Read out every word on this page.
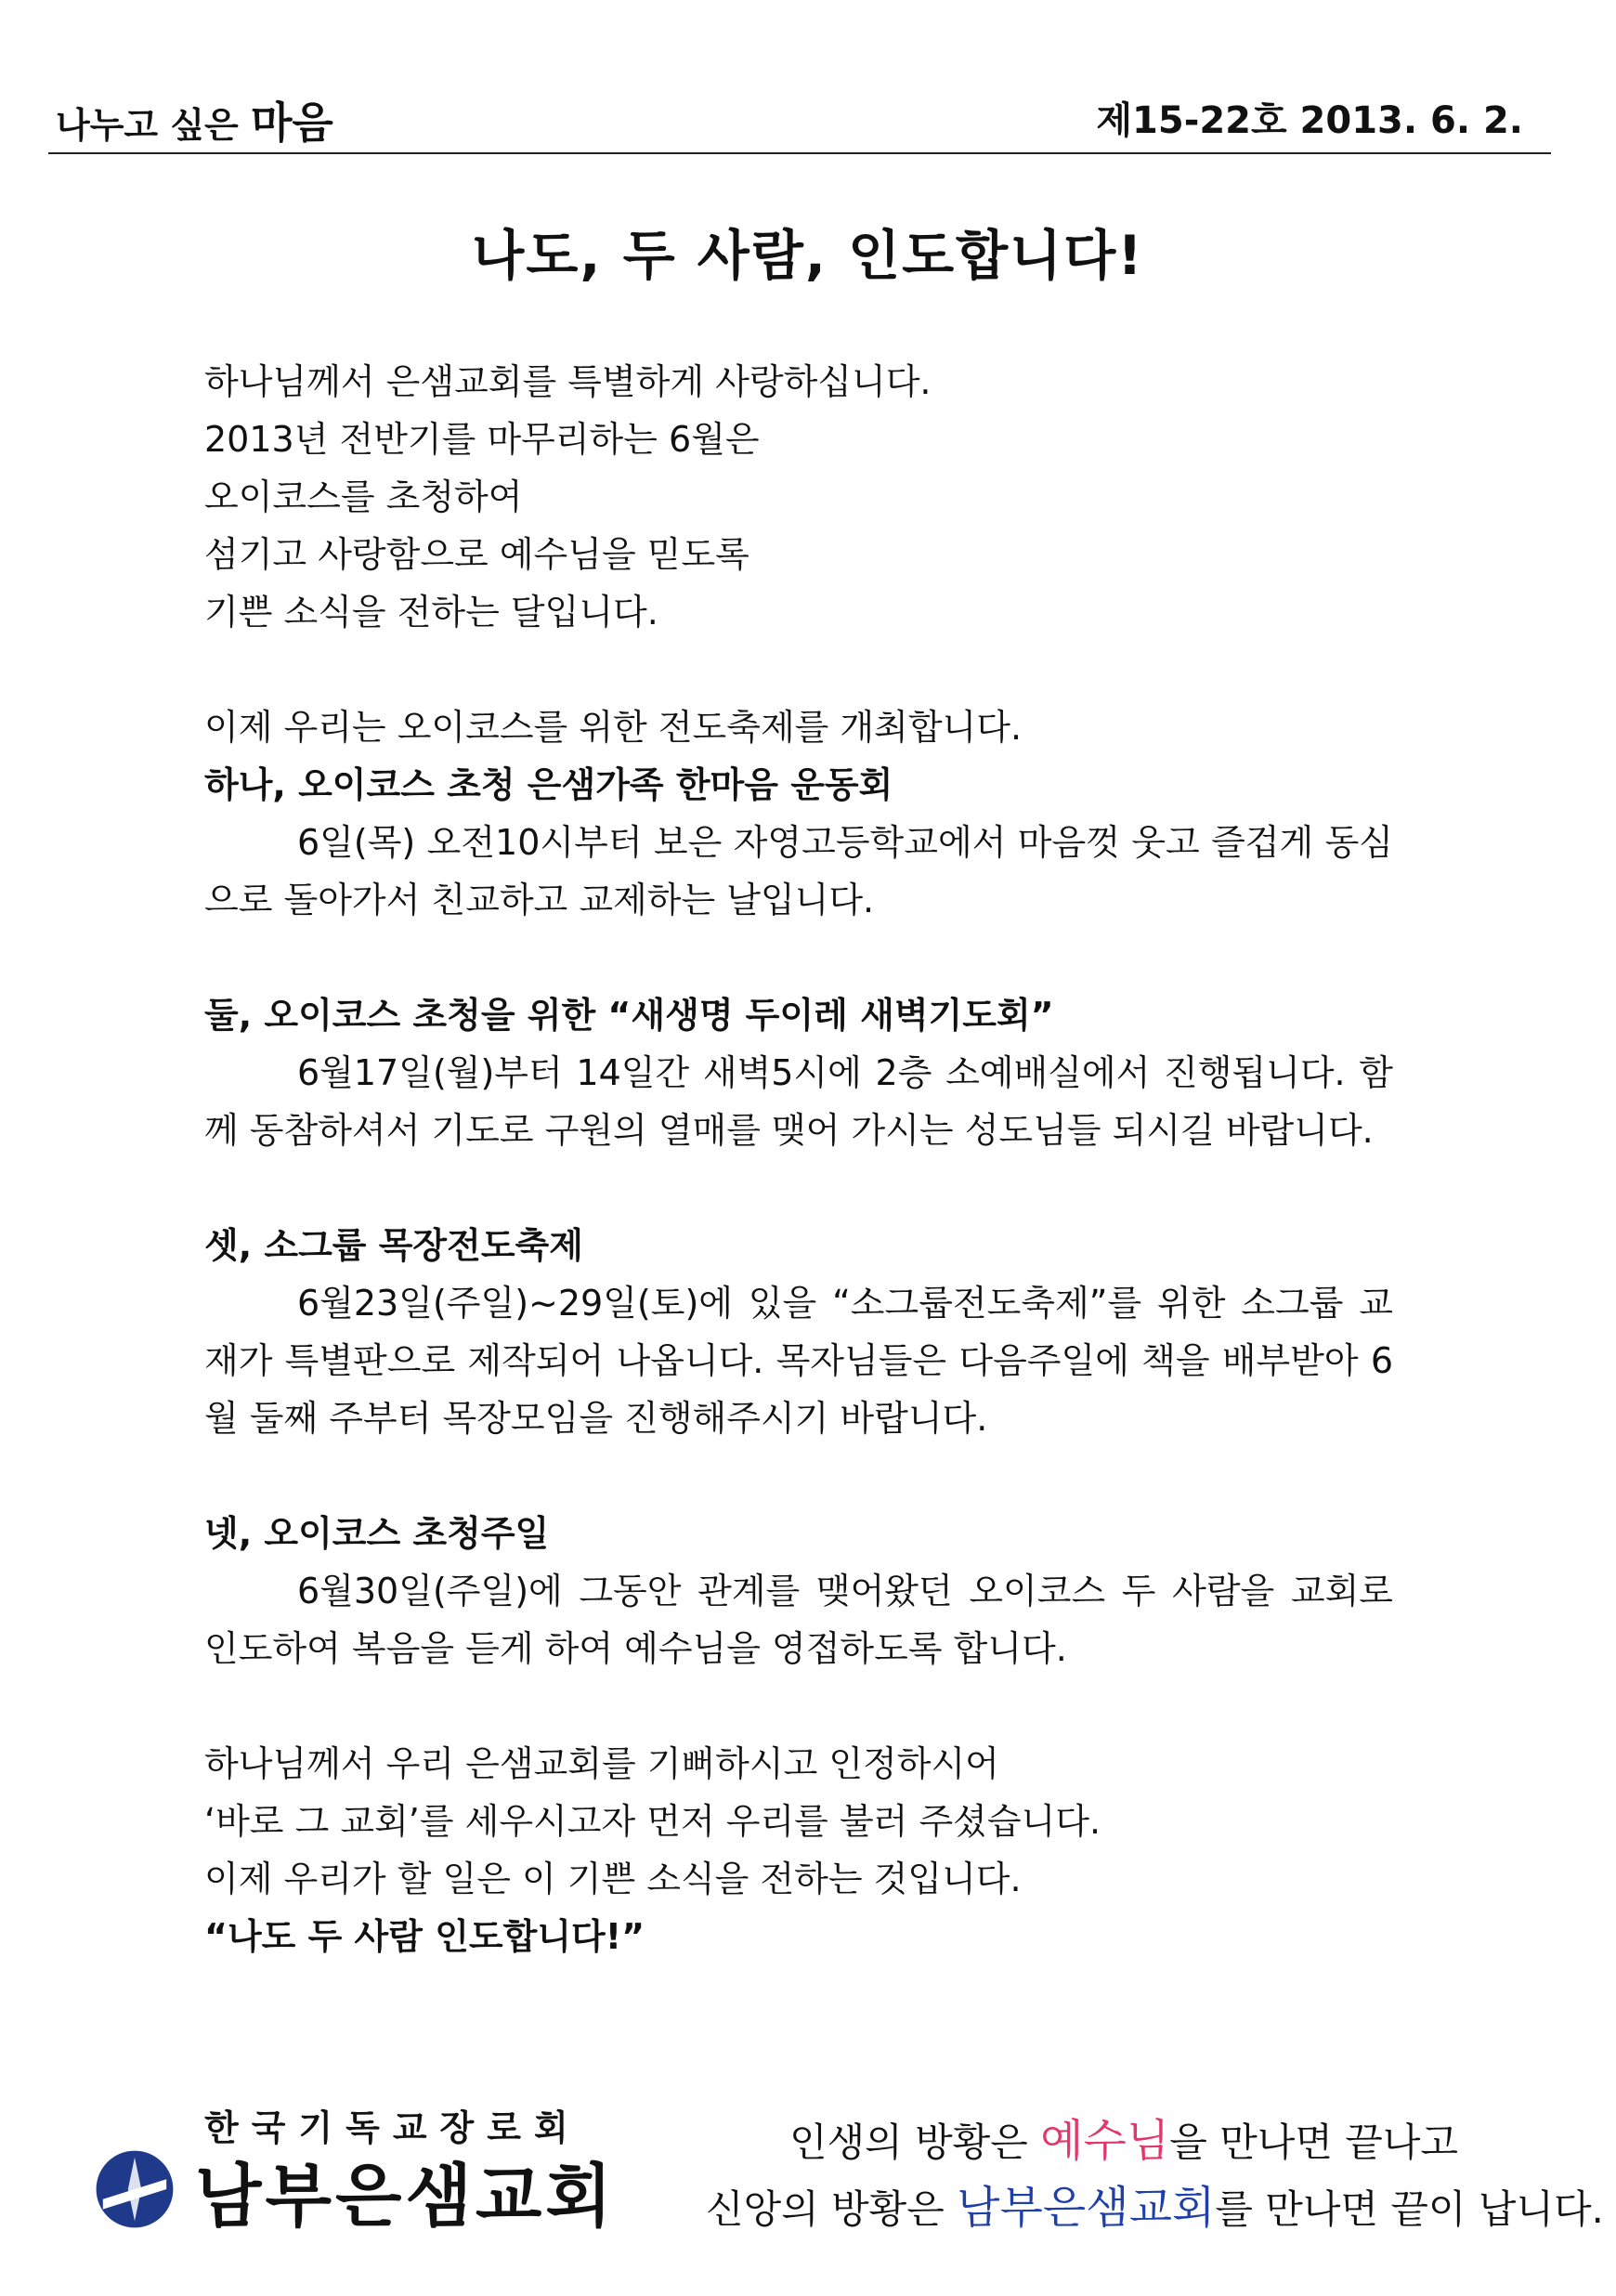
나누고 싶은 마음	제15-22호 2013. 6. 2.
나도, 두 사람, 인도합니다!

하나님께서 은샘교회를 특별하게 사랑하십니다.

2013년 전반기를 마무리하는 6월은

오이코스를 초청하여

섬기고 사랑함으로 예수님을 믿도록

기쁜 소식을 전하는 달입니다.

이제 우리는 오이코스를 위한 전도축제를 개최합니다.

하나, 오이코스 초청 은샘가족 한마음 운동회

6일(목) 오전10시부터 보은 자영고등학교에서 마음껏 웃고 즐겁게 동심으로 돌아가서 친교하고 교제하는 날입니다.

둘, 오이코스 초청을 위한 “새생명 두이레 새벽기도회”

6월17일(월)부터 14일간 새벽5시에 2층 소예배실에서 진행됩니다. 함께 동참하셔서 기도로 구원의 열매를 맺어 가시는 성도님들 되시길 바랍니다.

셋, 소그룹 목장전도축제

6월23일(주일)~29일(토)에 있을 “소그룹전도축제”를 위한 소그룹 교재가 특별판으로 제작되어 나옵니다. 목자님들은 다음주일에 책을 배부받아 6월 둘째 주부터 목장모임을 진행해주시기 바랍니다.

넷, 오이코스 초청주일

6월30일(주일)에 그동안 관계를 맺어왔던 오이코스 두 사람을 교회로 인도하여 복음을 듣게 하여 예수님을 영접하도록 합니다.

하나님께서 우리 은샘교회를 기뻐하시고 인정하시어

‘바로 그 교회’를 세우시고자 먼저 우리를 불러 주셨습니다.

이제 우리가 할 일은 이 기쁜 소식을 전하는 것입니다.

“나도 두 사람 인도합니다!”

한국기독교장로회
남부은샘교회

인생의 방황은 예수님을 만나면 끝나고

신앙의 방황은 남부은샘교회를 만나면 끝이 납니다.
